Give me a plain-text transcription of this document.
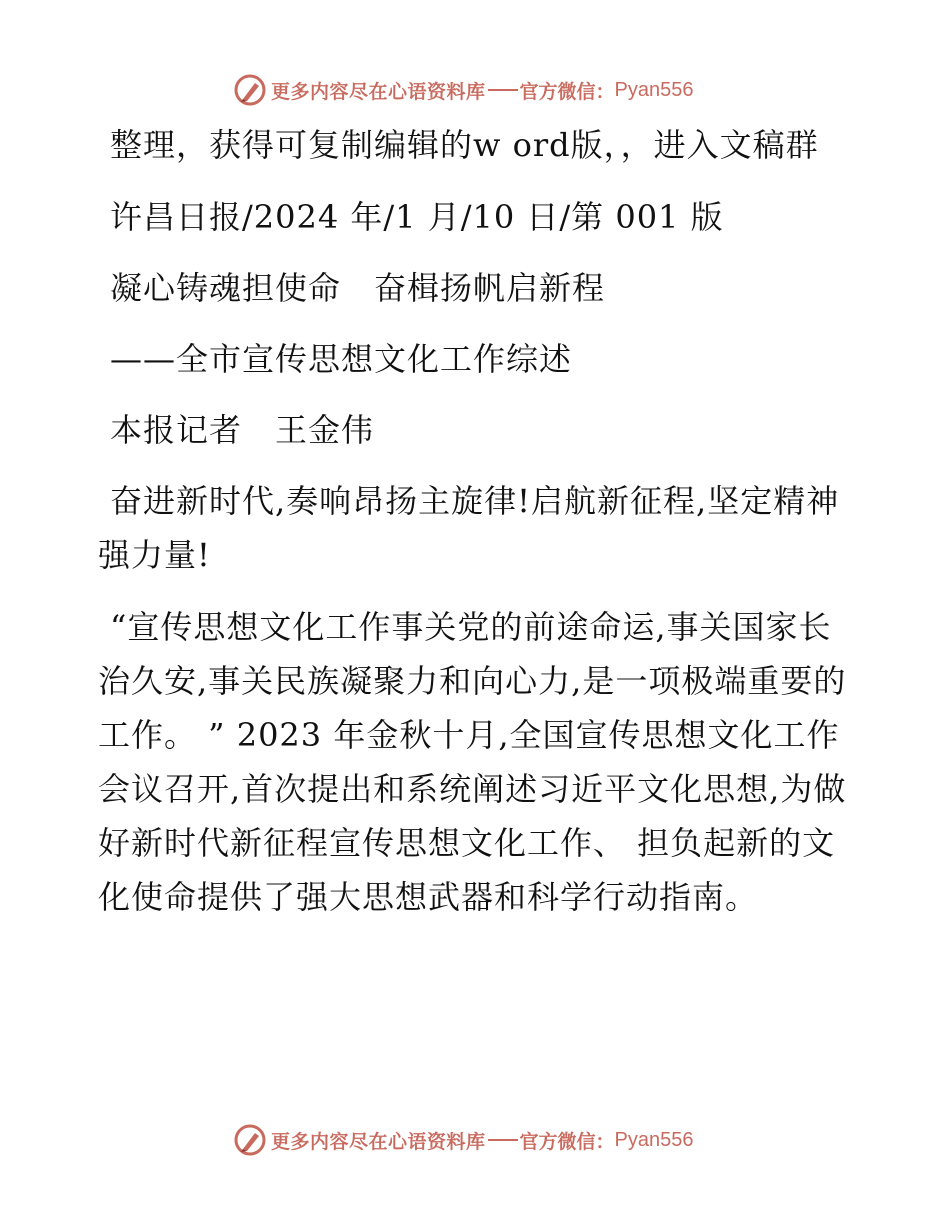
更多内容尽在心语资料库 官方微信： Pyan556

整理，获得可复制编辑的w ord版，，进入文稿群

许昌日报/2024 年/1 月/10 日/第 001 版

凝心铸魂担使命　奋楫扬帆启新程

——全市宣传思想文化工作综述

本报记者　王金伟

奋进新时代,奏响昂扬主旋律!启航新征程,坚定精神强力量!

“宣传思想文化工作事关党的前途命运,事关国家长治久安,事关民族凝聚力和向心力,是一项极端重要的工作。 ” 2023 年金秋十月,全国宣传思想文化工作会议召开,首次提出和系统阐述习近平文化思想,为做好新时代新征程宣传思想文化工作、 担负起新的文化使命提供了强大思想武器和科学行动指南。

更多内容尽在心语资料库 官方微信： Pyan556
